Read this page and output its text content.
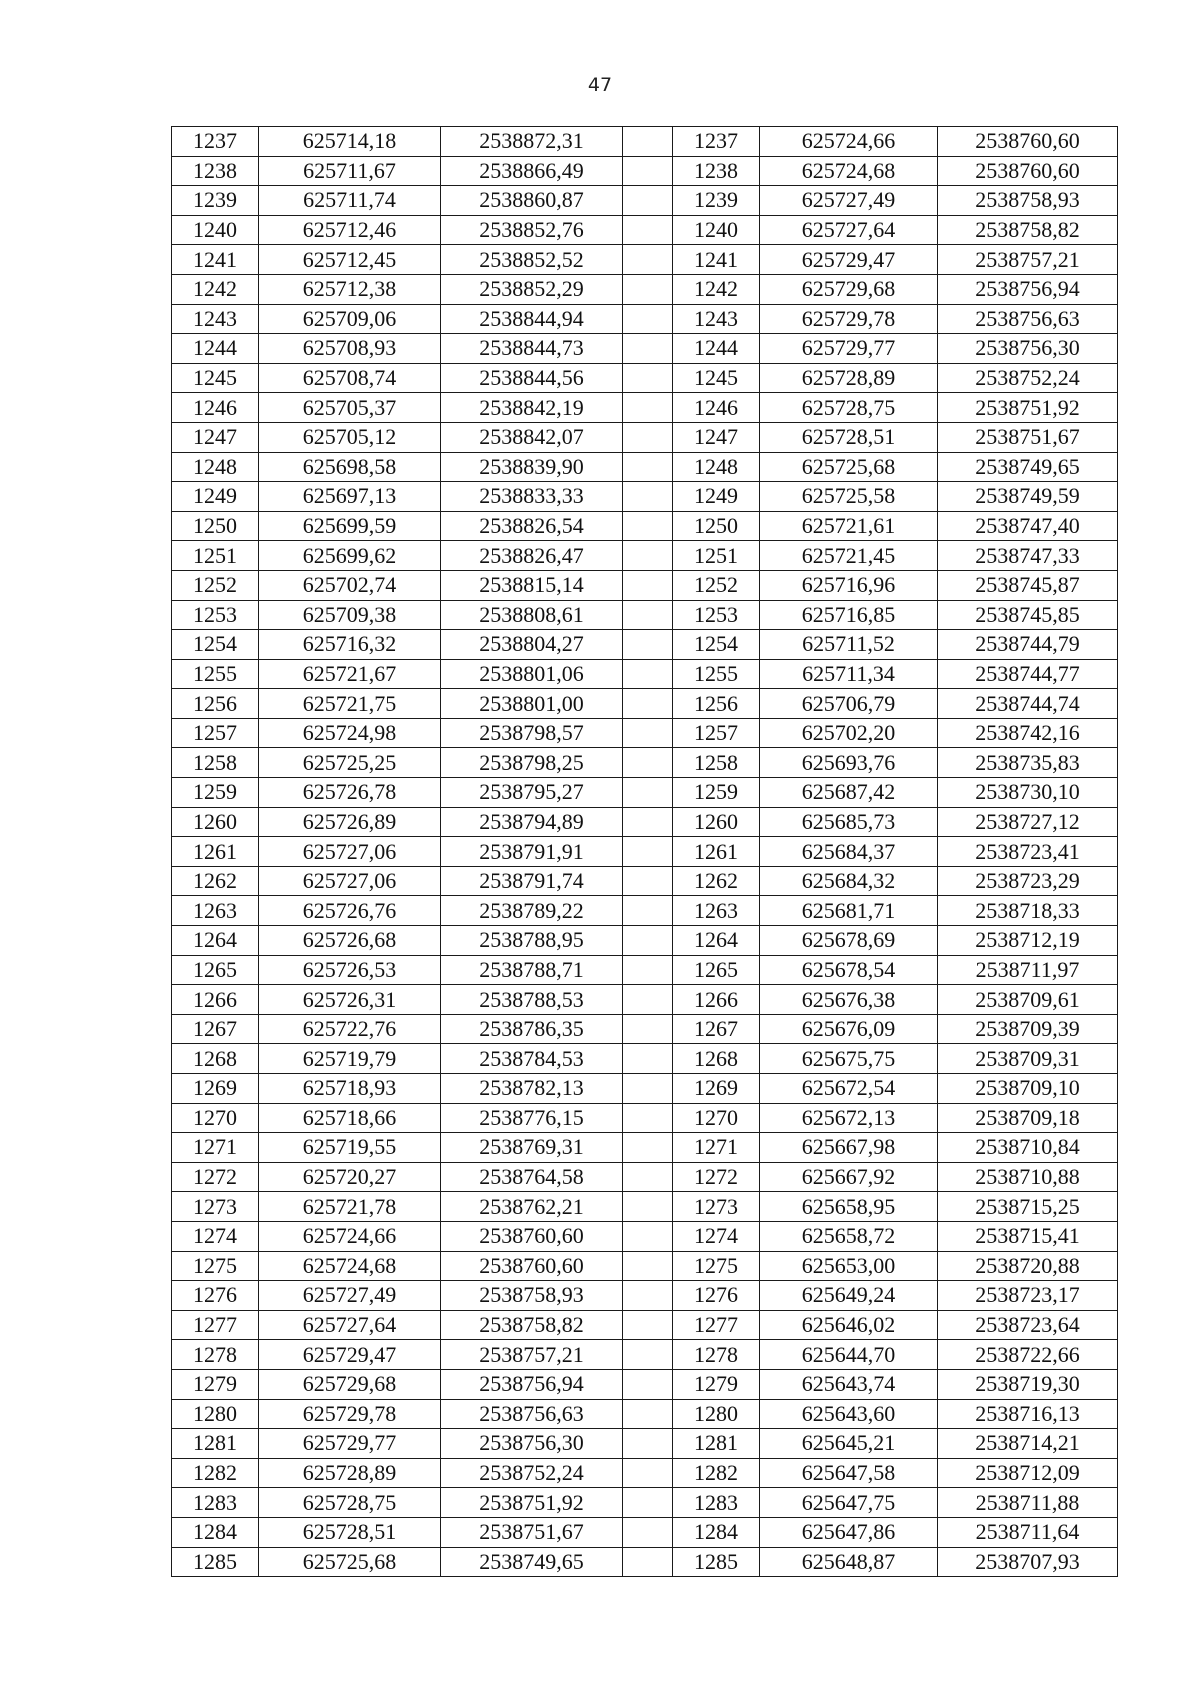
47
1237	625714,18	2538872,31		1237	625724,66	2538760,60
1238	625711,67	2538866,49		1238	625724,68	2538760,60
1239	625711,74	2538860,87		1239	625727,49	2538758,93
1240	625712,46	2538852,76		1240	625727,64	2538758,82
1241	625712,45	2538852,52		1241	625729,47	2538757,21
1242	625712,38	2538852,29		1242	625729,68	2538756,94
1243	625709,06	2538844,94		1243	625729,78	2538756,63
1244	625708,93	2538844,73		1244	625729,77	2538756,30
1245	625708,74	2538844,56		1245	625728,89	2538752,24
1246	625705,37	2538842,19		1246	625728,75	2538751,92
1247	625705,12	2538842,07		1247	625728,51	2538751,67
1248	625698,58	2538839,90		1248	625725,68	2538749,65
1249	625697,13	2538833,33		1249	625725,58	2538749,59
1250	625699,59	2538826,54		1250	625721,61	2538747,40
1251	625699,62	2538826,47		1251	625721,45	2538747,33
1252	625702,74	2538815,14		1252	625716,96	2538745,87
1253	625709,38	2538808,61		1253	625716,85	2538745,85
1254	625716,32	2538804,27		1254	625711,52	2538744,79
1255	625721,67	2538801,06		1255	625711,34	2538744,77
1256	625721,75	2538801,00		1256	625706,79	2538744,74
1257	625724,98	2538798,57		1257	625702,20	2538742,16
1258	625725,25	2538798,25		1258	625693,76	2538735,83
1259	625726,78	2538795,27		1259	625687,42	2538730,10
1260	625726,89	2538794,89		1260	625685,73	2538727,12
1261	625727,06	2538791,91		1261	625684,37	2538723,41
1262	625727,06	2538791,74		1262	625684,32	2538723,29
1263	625726,76	2538789,22		1263	625681,71	2538718,33
1264	625726,68	2538788,95		1264	625678,69	2538712,19
1265	625726,53	2538788,71		1265	625678,54	2538711,97
1266	625726,31	2538788,53		1266	625676,38	2538709,61
1267	625722,76	2538786,35		1267	625676,09	2538709,39
1268	625719,79	2538784,53		1268	625675,75	2538709,31
1269	625718,93	2538782,13		1269	625672,54	2538709,10
1270	625718,66	2538776,15		1270	625672,13	2538709,18
1271	625719,55	2538769,31		1271	625667,98	2538710,84
1272	625720,27	2538764,58		1272	625667,92	2538710,88
1273	625721,78	2538762,21		1273	625658,95	2538715,25
1274	625724,66	2538760,60		1274	625658,72	2538715,41
1275	625724,68	2538760,60		1275	625653,00	2538720,88
1276	625727,49	2538758,93		1276	625649,24	2538723,17
1277	625727,64	2538758,82		1277	625646,02	2538723,64
1278	625729,47	2538757,21		1278	625644,70	2538722,66
1279	625729,68	2538756,94		1279	625643,74	2538719,30
1280	625729,78	2538756,63		1280	625643,60	2538716,13
1281	625729,77	2538756,30		1281	625645,21	2538714,21
1282	625728,89	2538752,24		1282	625647,58	2538712,09
1283	625728,75	2538751,92		1283	625647,75	2538711,88
1284	625728,51	2538751,67		1284	625647,86	2538711,64
1285	625725,68	2538749,65		1285	625648,87	2538707,93
